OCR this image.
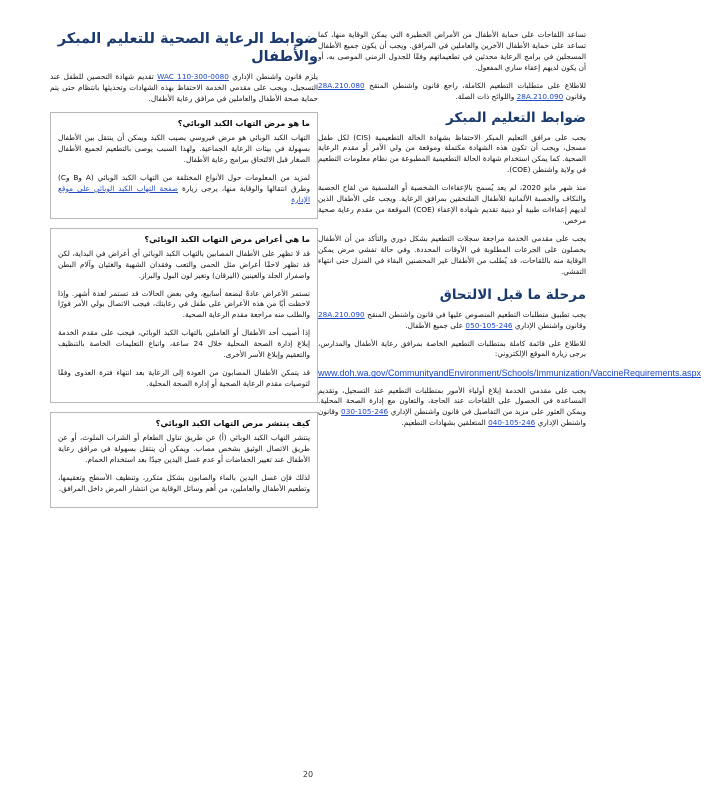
ضوابط الرعاية الصحية للتعليم المبكر والأطفال

يلزم قانون واشنطن الإداري WAC 110-300-0080 تقديم شهادة التحصين للطفل عند التسجيل، ويجب على مقدمي الخدمة الاحتفاظ بهذه الشهادات وتحديثها بانتظام حتى يتم حماية صحة الأطفال والعاملين في مرافق رعاية الأطفال.

ما هو مرض التهاب الكبد الوبائي؟

التهاب الكبد الوبائي هو مرض فيروسي يصيب الكبد ويمكن أن ينتقل بين الأطفال بسهولة في بيئات الرعاية الجماعية. ولهذا السبب يوصى بالتطعيم لجميع الأطفال الصغار قبل الالتحاق ببرامج رعاية الأطفال.

لمزيد من المعلومات حول الأنواع المختلفة من التهاب الكبد الوبائي (A وB وC) وطرق انتقالها والوقاية منها، يرجى زيارة صفحة التهاب الكبد الوبائي على موقع الإدارة

ما هي أعراض مرض التهاب الكبد الوبائي؟

قد لا تظهر على الأطفال المصابين بالتهاب الكبد الوبائي أي أعراض في البداية، لكن قد تظهر لاحقًا أعراض مثل الحمى والتعب وفقدان الشهية والغثيان وآلام البطن واصفرار الجلد والعينين (اليرقان) وتغير لون البول والبراز.

تستمر الأعراض عادةً لبضعة أسابيع، وفي بعض الحالات قد تستمر لعدة أشهر. وإذا لاحظت أيًا من هذه الأعراض على طفل في رعايتك، فيجب الاتصال بولي الأمر فورًا والطلب منه مراجعة مقدم الرعاية الصحية.

إذا أصيب أحد الأطفال أو العاملين بالتهاب الكبد الوبائي، فيجب على مقدم الخدمة إبلاغ إدارة الصحة المحلية خلال 24 ساعة، واتباع التعليمات الخاصة بالتنظيف والتعقيم وإبلاغ الأسر الأخرى.

قد يتمكن الأطفال المصابون من العودة إلى الرعاية بعد انتهاء فترة العدوى وفقًا لتوصيات مقدم الرعاية الصحية أو إدارة الصحة المحلية.

كيف ينتشر مرض التهاب الكبد الوبائي؟

ينتشر التهاب الكبد الوبائي (أ) عن طريق تناول الطعام أو الشراب الملوث، أو عن طريق الاتصال الوثيق بشخص مصاب. ويمكن أن ينتقل بسهولة في مرافق رعاية الأطفال عند تغيير الحفاضات أو عدم غسل اليدين جيدًا بعد استخدام الحمام.

لذلك فإن غسل اليدين بالماء والصابون بشكل متكرر، وتنظيف الأسطح وتعقيمها، وتطعيم الأطفال والعاملين، من أهم وسائل الوقاية من انتشار المرض داخل المرافق.

تساعد اللقاحات على حماية الأطفال من الأمراض الخطيرة التي يمكن الوقاية منها، كما تساعد على حماية الأطفال الآخرين والعاملين في المرافق. ويجب أن يكون جميع الأطفال المسجلين في برامج الرعاية محدثين في تطعيماتهم وفقًا للجدول الزمني الموصى به، أو أن يكون لديهم إعفاء ساري المفعول.

للاطلاع على متطلبات التطعيم الكاملة، راجع قانون واشنطن المنقح 28A.210.080 وقانون 28A.210.090 واللوائح ذات الصلة.

ضوابط التعليم المبكر

يجب على مرافق التعليم المبكر الاحتفاظ بشهادة الحالة التطعيمية (CIS) لكل طفل مسجل، ويجب أن تكون هذه الشهادة مكتملة وموقعة من ولي الأمر أو مقدم الرعاية الصحية. كما يمكن استخدام شهادة الحالة التطعيمية المطبوعة من نظام معلومات التطعيم في ولاية واشنطن (COE).

منذ شهر مايو 2020، لم يعد يُسمح بالإعفاءات الشخصية أو الفلسفية من لقاح الحصبة والنكاف والحصبة الألمانية للأطفال الملتحقين بمرافق الرعاية. ويجب على الأطفال الذين لديهم إعفاءات طبية أو دينية تقديم شهادة الإعفاء (COE) الموقعة من مقدم رعاية صحية مرخص.

يجب على مقدمي الخدمة مراجعة سجلات التطعيم بشكل دوري والتأكد من أن الأطفال يحصلون على الجرعات المطلوبة في الأوقات المحددة. وفي حالة تفشي مرض يمكن الوقاية منه باللقاحات، قد يُطلب من الأطفال غير المحصنين البقاء في المنزل حتى انتهاء التفشي.

مرحلة ما قبل الالتحاق

يجب تطبيق متطلبات التطعيم المنصوص عليها في قانون واشنطن المنقح 28A.210.090 وقانون واشنطن الإداري 246-105-050 على جميع الأطفال.

للاطلاع على قائمة كاملة بمتطلبات التطعيم الخاصة بمرافق رعاية الأطفال والمدارس، يرجى زيارة الموقع الإلكتروني:

www.doh.wa.gov/CommunityandEnvironment/Schools/Immunization/VaccineRequirements.aspx

يجب على مقدمي الخدمة إبلاغ أولياء الأمور بمتطلبات التطعيم عند التسجيل، وتقديم المساعدة في الحصول على اللقاحات عند الحاجة، والتعاون مع إدارة الصحة المحلية. ويمكن العثور على مزيد من التفاصيل في قانون واشنطن الإداري 246-105-030 وقانون واشنطن الإداري 246-105-040 المتعلقين بشهادات التطعيم.

20
